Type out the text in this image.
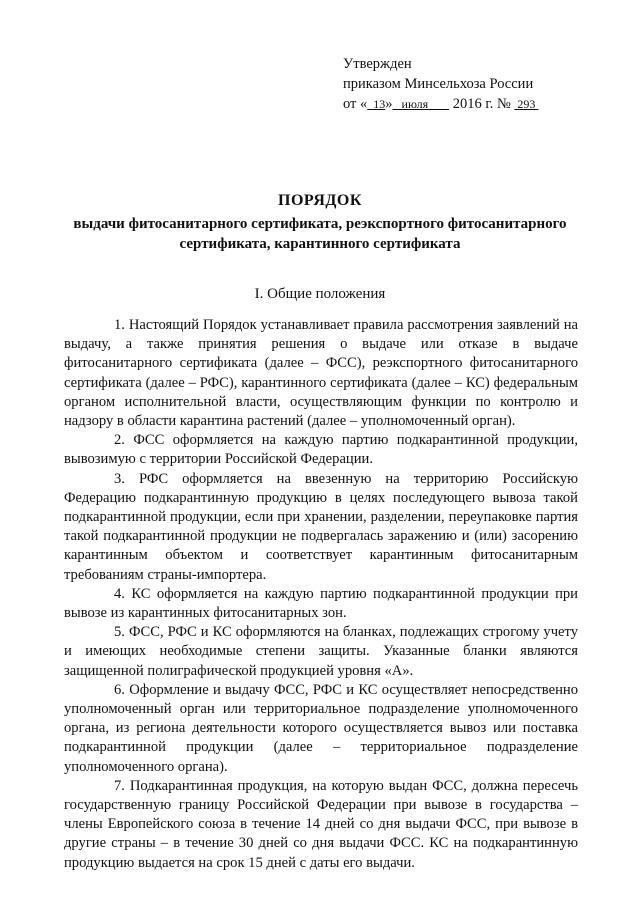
Утвержден
приказом Минсельхоза России
от « 13» июля 2016 г. № 293
ПОРЯДОК
выдачи фитосанитарного сертификата, реэкспортного фитосанитарного
сертификата, карантинного сертификата
I. Общие положения

1. Настоящий Порядок устанавливает правила рассмотрения заявлений на выдачу, а также принятия решения о выдаче или отказе в выдаче фитосанитарного сертификата (далее – ФСС), реэкспортного фитосанитарного сертификата (далее – РФС), карантинного сертификата (далее – КС) федеральным органом исполнительной власти, осуществляющим функции по контролю и надзору в области карантина растений (далее – уполномоченный орган).

2. ФСС оформляется на каждую партию подкарантинной продукции, вывозимую с территории Российской Федерации.

3. РФС оформляется на ввезенную на территорию Российскую Федерацию подкарантинную продукцию в целях последующего вывоза такой подкарантинной продукции, если при хранении, разделении, переупаковке партия такой подкарантинной продукции не подвергалась заражению и (или) засорению карантинным объектом и соответствует карантинным фитосанитарным требованиям страны-импортера.

4. КС оформляется на каждую партию подкарантинной продукции при вывозе из карантинных фитосанитарных зон.

5. ФСС, РФС и КС оформляются на бланках, подлежащих строгому учету и имеющих необходимые степени защиты. Указанные бланки являются защищенной полиграфической продукцией уровня «А».

6. Оформление и выдачу ФСС, РФС и КС осуществляет непосредственно уполномоченный орган или территориальное подразделение уполномоченного органа, из региона деятельности которого осуществляется вывоз или поставка подкарантинной продукции (далее – территориальное подразделение уполномоченного органа).

7. Подкарантинная продукция, на которую выдан ФСС, должна пересечь государственную границу Российской Федерации при вывозе в государства – члены Европейского союза в течение 14 дней со дня выдачи ФСС, при вывозе в другие страны – в течение 30 дней со дня выдачи ФСС. КС на подкарантинную продукцию выдается на срок 15 дней с даты его выдачи.
